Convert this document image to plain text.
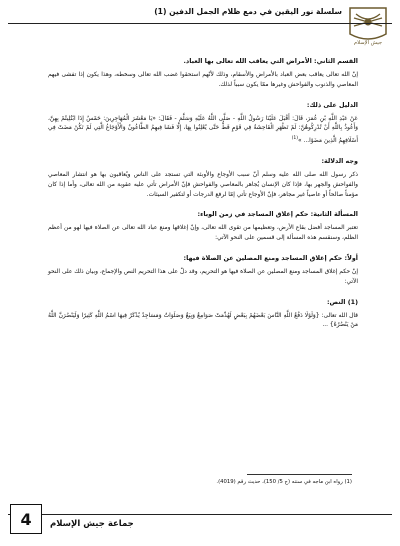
جيش الإسلام
سلسلة نور اليقين في دمع ظلام الجمل الدفين (1)

القسم الثاني: الأمراض التي يعاقب الله تعالى بها العباد.

إنّ الله تعالى يعاقب بعض العباد بالأمراض والأسقام، وذلك لأنّهم استحقوا غضب الله تعالى وسخطه، وهذا يكون إذا تفشى فيهم المعاصي والذنوب والفواحش وغيرها ممّا يكون سبباً لذلك.

الدليل على ذلك:

عَنْ عَبْدِ اللَّهِ بْنِ عُمَرَ، قَالَ: أَقْبَلَ عَلَيْنَا رَسُولُ اللَّهِ - صَلَّى اللَّهُ عَلَيْهِ وَسَلَّمَ - فَقَالَ: «يَا مَعْشَرَ الْمُهَاجِرِينَ: خَمْسٌ إِذَا ابْتُلِيتُمْ بِهِنَّ، وَأَعُوذُ بِاللَّهِ أَنْ تُدْرِكُوهُنَّ: لَمْ تَظْهَرِ الْفَاحِشَةُ فِي قَوْمٍ قَطُّ حَتَّى يُعْلِنُوا بِهَا، إِلَّا فَشَا فِيهِمُ الطَّاعُونُ وَالْأَوْجَاعُ الَّتِي لَمْ تَكُنْ مَضَتْ فِي أَسْلَافِهِمُ الَّذِينَ مَضَوْا... »$^{(1)}$

وجه الدلالة:

ذكر رسول الله صلى الله عليه وسلم أنّ سبب الأوجاع والأوبئة التي تستجد على الناس ويُعاقبون بها هو انتشار المعاصي والفواحش والجهر بها، فإذا كان الإنسان يُجاهر بالمعاصي والفواحش فإنّ الأمراض تأتي عليه عقوبة من الله تعالى، وأما إذا كان مؤمناً صالحاً أو عاصياً غير مجاهر، فإنّ الأوجاع تأتي إمّا لرفع الدرجات أو لتكفير السيئات.

المسألة الثانية: حكم إغلاق المساجد في زمن الوباء:

تعتبر المساجد أفضل بقاع الأرض، وتعظيمها من تقوى الله تعالى، وإنّ إغلاقها ومنع عباد الله تعالى عن الصلاة فيها لهو من أعظم الظلم، وسنقسم هذه المسألة إلى قسمين على النحو الآتي:

أولاً: حكم إغلاق المساجد ومنع المصلين عن الصلاة فيها:

إنّ حكم إغلاق المساجد ومنع المصلين عن الصلاة فيها هو التحريم، وقد دلّ على هذا التحريم النص والإجماع، وبيان ذلك على النحو الآتي:

(1) النص:

قال الله تعالى: {وَلَوْلَا دَفْعُ اللَّهِ النَّاسَ بَعْضَهُمْ بِبَعْضٍ لَهُدِّمَتْ صَوَامِعُ وَبِيَعٌ وَصَلَوَاتٌ وَمَسَاجِدُ يُذْكَرُ فِيهَا اسْمُ اللَّهِ كَثِيرًا وَلَيَنْصُرَنَّ اللَّهُ مَنْ يَنْصُرُهُ} ...

(1) رواه ابن ماجه في سننه (ج 5/ 150)، حديث رقم (4019).
4	جماعة جيش الإسلام
